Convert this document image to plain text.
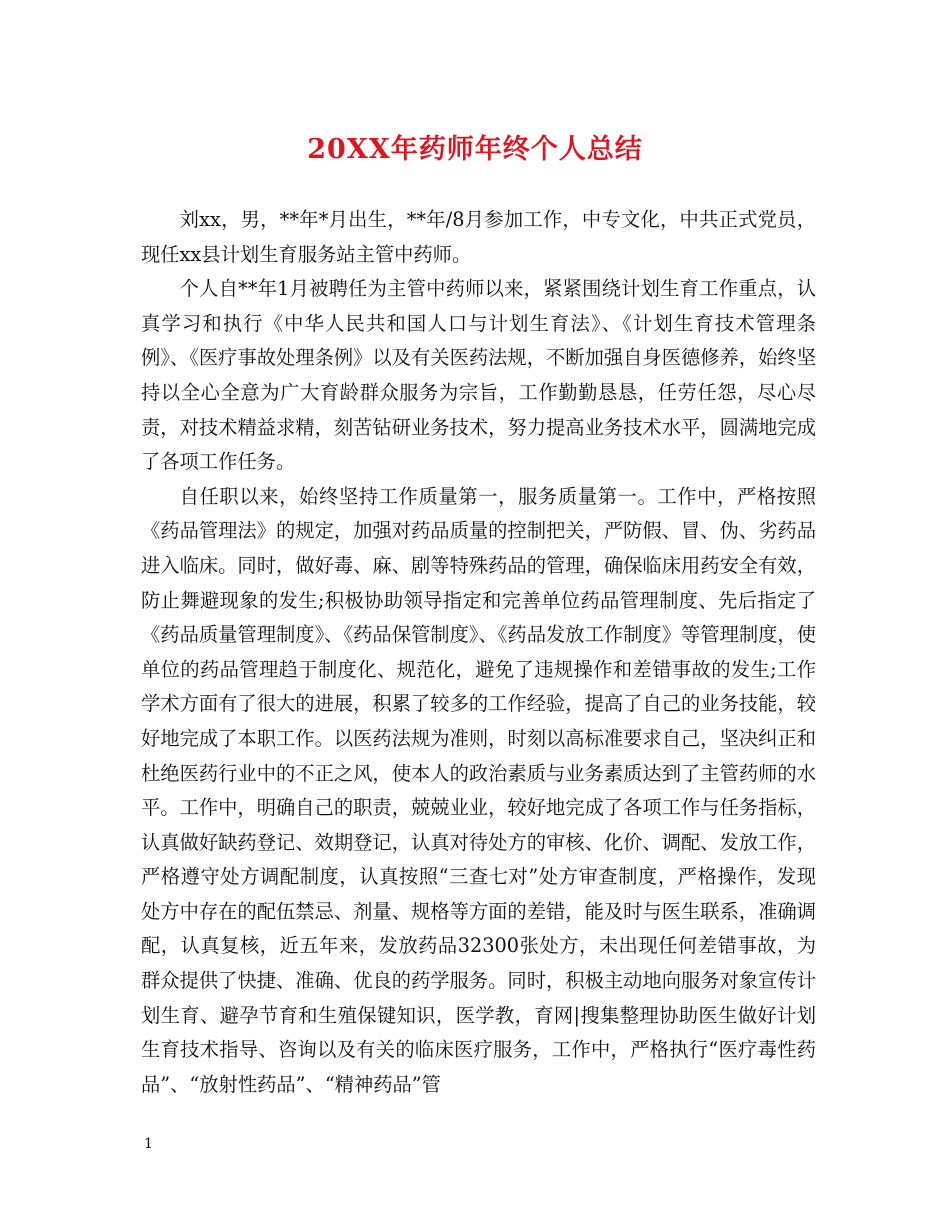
20XX年药师年终个人总结

刘xx，男，**年*月出生，**年/8月参加工作，中专文化，中共正式党员，现任xx县计划生育服务站主管中药师。

个人自**年1月被聘任为主管中药师以来，紧紧围绕计划生育工作重点，认真学习和执行《中华人民共和国人口与计划生育法》、《计划生育技术管理条例》、《医疗事故处理条例》以及有关医药法规，不断加强自身医德修养，始终坚持以全心全意为广大育龄群众服务为宗旨，工作勤勤恳恳，任劳任怨，尽心尽责，对技术精益求精，刻苦钻研业务技术，努力提高业务技术水平，圆满地完成了各项工作任务。

自任职以来，始终坚持工作质量第一，服务质量第一。工作中，严格按照《药品管理法》的规定，加强对药品质量的控制把关，严防假、冒、伪、劣药品进入临床。同时，做好毒、麻、剧等特殊药品的管理，确保临床用药安全有效，防止舞避现象的发生;积极协助领导指定和完善单位药品管理制度、先后指定了《药品质量管理制度》、《药品保管制度》、《药品发放工作制度》等管理制度，使单位的药品管理趋于制度化、规范化，避免了违规操作和差错事故的发生;工作学术方面有了很大的进展，积累了较多的工作经验，提高了自己的业务技能，较好地完成了本职工作。以医药法规为准则，时刻以高标准要求自己，坚决纠正和杜绝医药行业中的不正之风，使本人的政治素质与业务素质达到了主管药师的水平。工作中，明确自己的职责，兢兢业业，较好地完成了各项工作与任务指标，认真做好缺药登记、效期登记，认真对待处方的审核、化价、调配、发放工作，严格遵守处方调配制度，认真按照“三查七对”处方审查制度，严格操作，发现处方中存在的配伍禁忌、剂量、规格等方面的差错，能及时与医生联系，准确调配，认真复核，近五年来，发放药品32300张处方，未出现任何差错事故，为群众提供了快捷、准确、优良的药学服务。同时，积极主动地向服务对象宣传计划生育、避孕节育和生殖保键知识，医学教，育网|搜集整理协助医生做好计划生育技术指导、咨询以及有关的临床医疗服务，工作中，严格执行“医疗毒性药品”、“放射性药品”、“精神药品”管

1
